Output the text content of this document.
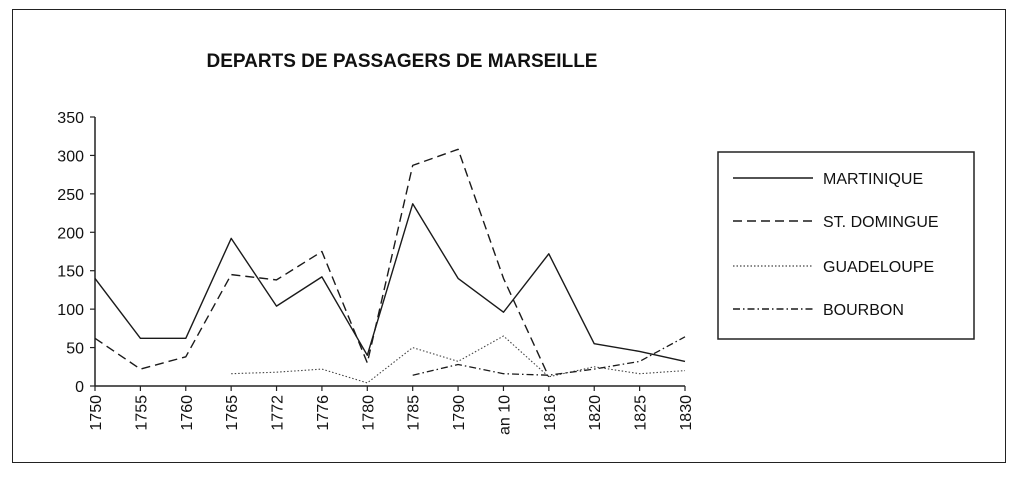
DEPARTS DE PASSAGERS DE MARSEILLE
0
50
100
150
200
250
300
350
1750 1755 1760 1765 1772 1776 1780 1785 1790 an 10 1816 1820 1825 1830
MARTINIQUE
ST. DOMINGUE
GUADELOUPE
BOURBON
